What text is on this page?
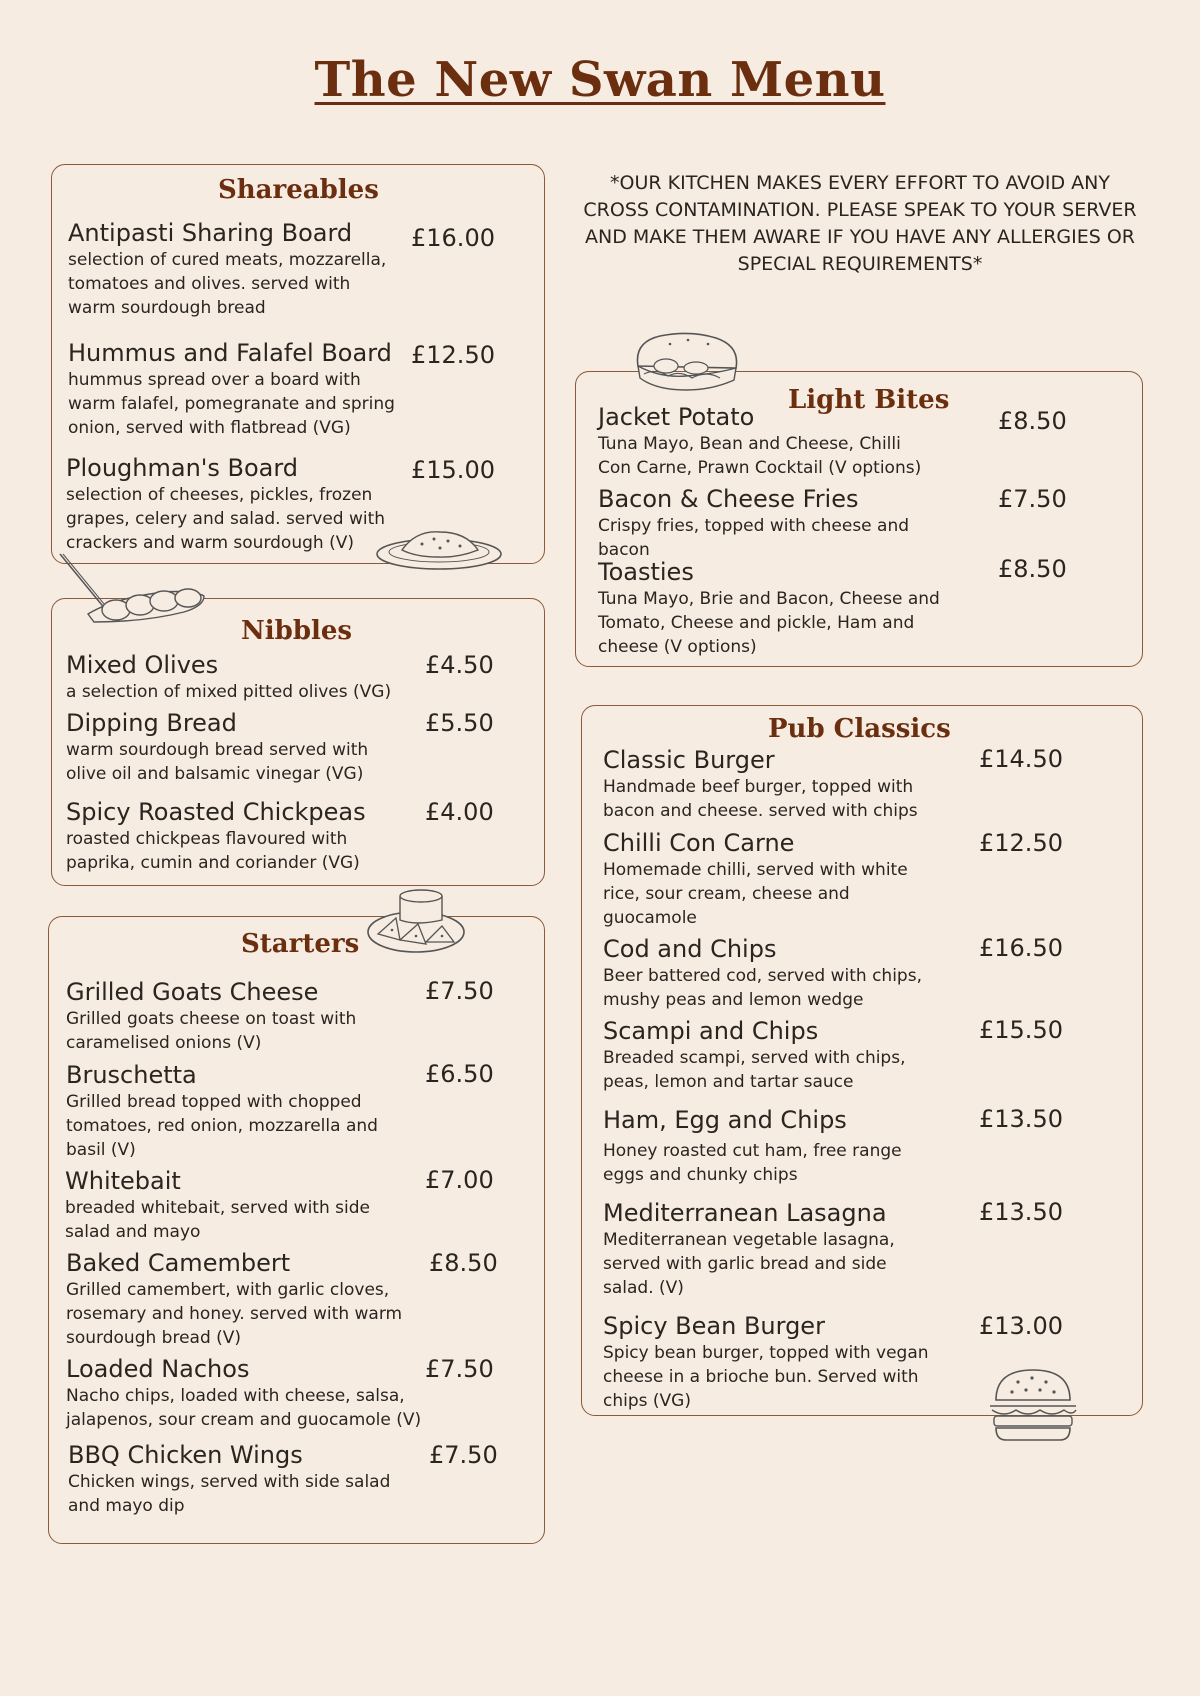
The New Swan Menu
Shareables
Antipasti Sharing Board
selection of cured meats, mozzarella, tomatoes and olives. served with warm sourdough bread
£16.00
Hummus and Falafel Board
hummus spread over a board with warm falafel, pomegranate and spring onion, served with flatbread (VG)
£12.50
Ploughman's Board
selection of cheeses, pickles, frozen grapes, celery and salad. served with crackers and warm sourdough (V)
£15.00
Nibbles
Mixed Olives
a selection of mixed pitted olives (VG)
£4.50
Dipping Bread
warm sourdough bread served with olive oil and balsamic vinegar (VG)
£5.50
Spicy Roasted Chickpeas
roasted chickpeas flavoured with paprika, cumin and coriander (VG)
£4.00
Starters
Grilled Goats Cheese
Grilled goats cheese on toast with caramelised onions (V)
£7.50
Bruschetta
Grilled bread topped with chopped tomatoes, red onion, mozzarella and basil (V)
£6.50
Whitebait
breaded whitebait, served with side salad and mayo
£7.00
Baked Camembert
Grilled camembert, with garlic cloves, rosemary and honey. served with warm sourdough bread (V)
£8.50
Loaded Nachos
Nacho chips, loaded with cheese, salsa, jalapenos, sour cream and guocamole (V)
£7.50
BBQ Chicken Wings
Chicken wings, served with side salad and mayo dip
£7.50

*OUR KITCHEN MAKES EVERY EFFORT TO AVOID ANY CROSS CONTAMINATION. PLEASE SPEAK TO YOUR SERVER AND MAKE THEM AWARE IF YOU HAVE ANY ALLERGIES OR SPECIAL REQUIREMENTS*

Light Bites
Jacket Potato
Tuna Mayo, Bean and Cheese, Chilli Con Carne, Prawn Cocktail (V options)
£8.50
Bacon & Cheese Fries
Crispy fries, topped with cheese and bacon
£7.50
Toasties
Tuna Mayo, Brie and Bacon, Cheese and Tomato, Cheese and pickle, Ham and cheese (V options)
£8.50
Pub Classics
Classic Burger
Handmade beef burger, topped with bacon and cheese. served with chips
£14.50
Chilli Con Carne
Homemade chilli, served with white rice, sour cream, cheese and guocamole
£12.50
Cod and Chips
Beer battered cod, served with chips, mushy peas and lemon wedge
£16.50
Scampi and Chips
Breaded scampi, served with chips, peas, lemon and tartar sauce
£15.50
Ham, Egg and Chips
Honey roasted cut ham, free range eggs and chunky chips
£13.50
Mediterranean Lasagna
Mediterranean vegetable lasagna, served with garlic bread and side salad. (V)
£13.50
Spicy Bean Burger
Spicy bean burger, topped with vegan cheese in a brioche bun. Served with chips (VG)
£13.00
